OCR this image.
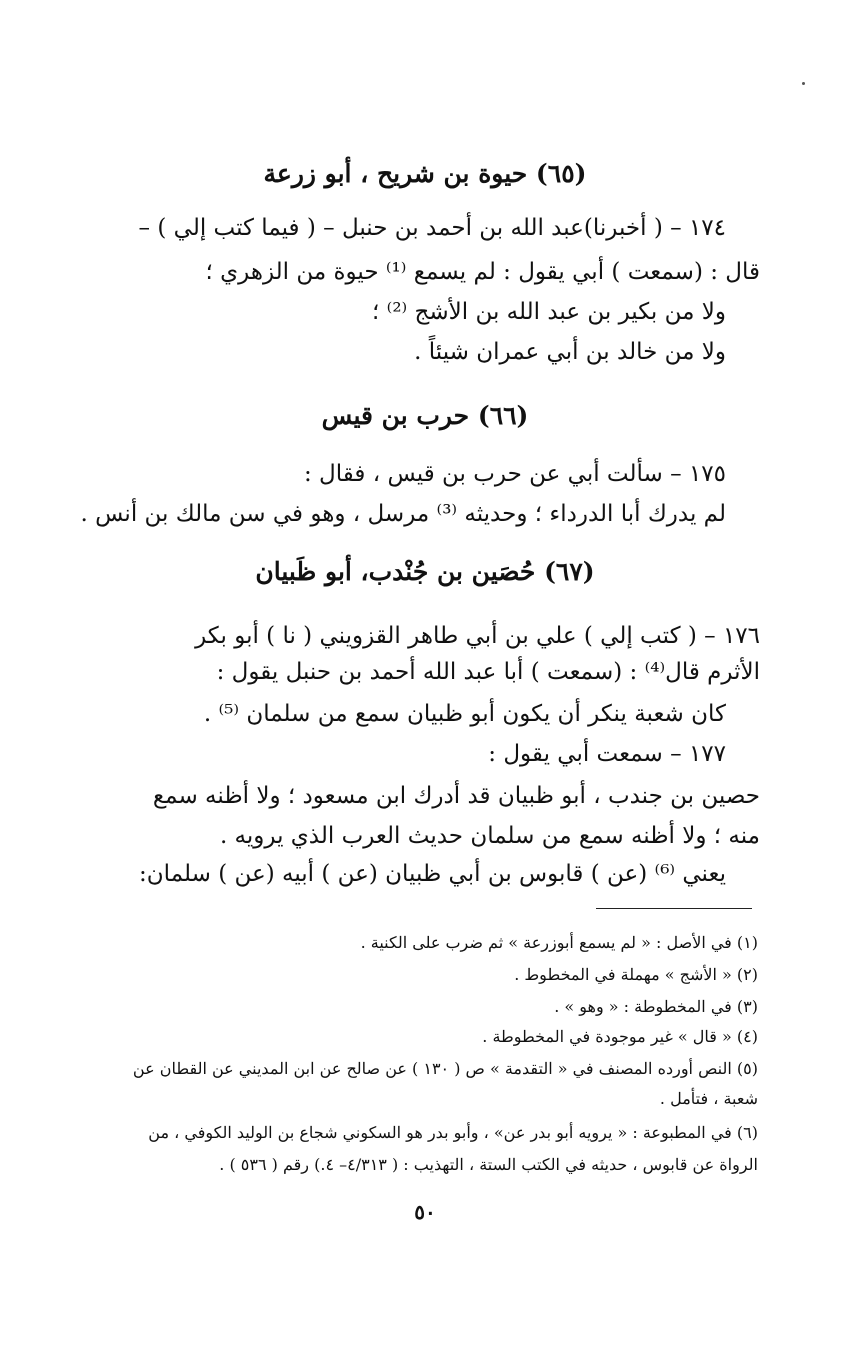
(٦٥) حيوة بن شريح ، أبو زرعة
١٧٤ – ( أخبرنا)عبد الله بن أحمد بن حنبل – ( فيما كتب إلي ) –
قال : (سمعت ) أبي يقول : لم يسمع ⁽¹⁾ حيوة من الزهري ؛
ولا من بكير بن عبد الله بن الأشج ⁽²⁾ ؛
ولا من خالد بن أبي عمران شيئاً .
(٦٦) حرب بن قيس
١٧٥ – سألت أبي عن حرب بن قيس ، فقال :
لم يدرك أبا الدرداء ؛ وحديثه ⁽³⁾ مرسل ، وهو في سن مالك بن أنس .
(٦٧) حُصَين بن جُنْدب، أبو ظَبيان
١٧٦ – ( كتب إلي ) علي بن أبي طاهر القزويني ( نا ) أبو بكر
الأثرم قال⁽⁴⁾ : (سمعت ) أبا عبد الله أحمد بن حنبل يقول :
كان شعبة ينكر أن يكون أبو ظبيان سمع من سلمان ⁽⁵⁾ .
١٧٧ – سمعت أبي يقول :
حصين بن جندب ، أبو ظبيان قد أدرك ابن مسعود ؛ ولا أظنه سمع
منه ؛ ولا أظنه سمع من سلمان حديث العرب الذي يرويه .
يعني ⁽⁶⁾ (عن ) قابوس بن أبي ظبيان (عن ) أبيه (عن ) سلمان:
(١) في الأصل : « لم يسمع أبوزرعة » ثم ضرب على الكنية .
(٢) « الأشج » مهملة في المخطوط .
(٣) في المخطوطة : « وهو » .
(٤) « قال » غير موجودة في المخطوطة .
(٥) النص أورده المصنف في « التقدمة » ص ( ١٣٠ ) عن صالح عن ابن المديني عن القطان عن
شعبة ، فتأمل .
(٦) في المطبوعة : « يرويه أبو بدر عن» ، وأبو بدر هو السكوني شجاع بن الوليد الكوفي ، من
الرواة عن قابوس ، حديثه في الكتب الستة ، التهذيب : ( ٤/٣١٣– ٤.) رقم ( ٥٣٦ ) .
٥٠
